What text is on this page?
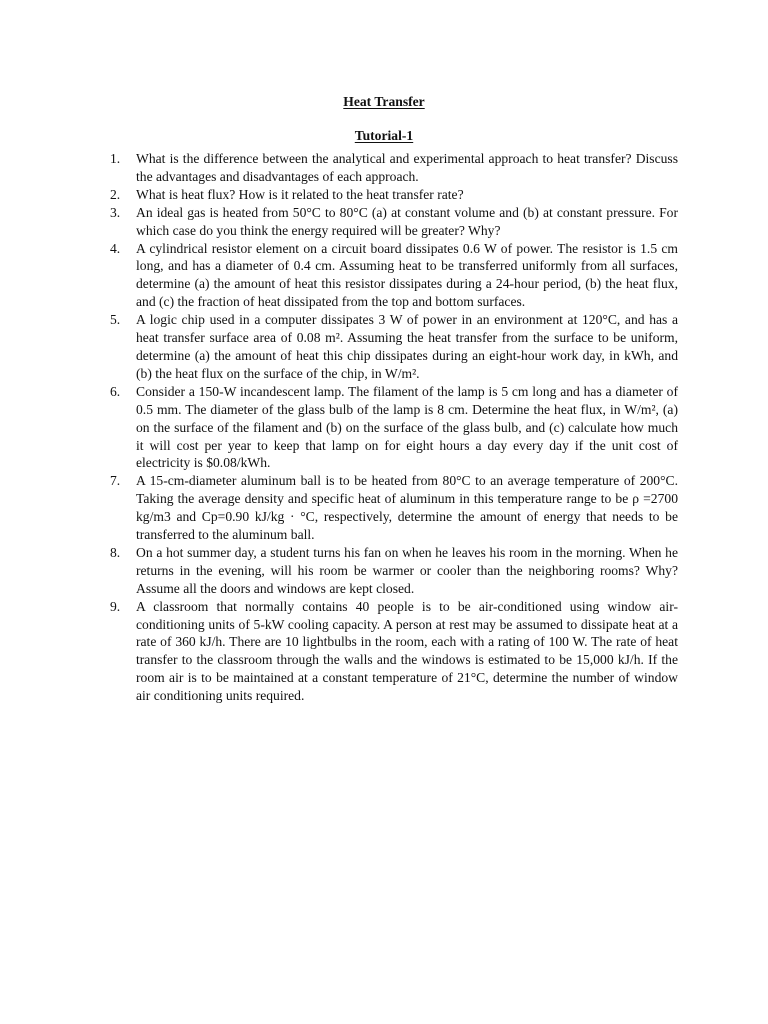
Heat Transfer
Tutorial-1
1.	What is the difference between the analytical and experimental approach to heat transfer? Discuss the advantages and disadvantages of each approach.
2.	What is heat flux? How is it related to the heat transfer rate?
3.	An ideal gas is heated from 50°C to 80°C (a) at constant volume and (b) at constant pressure. For which case do you think the energy required will be greater? Why?
4.	A cylindrical resistor element on a circuit board dissipates 0.6 W of power. The resistor is 1.5 cm long, and has a diameter of 0.4 cm. Assuming heat to be transferred uniformly from all surfaces, determine (a) the amount of heat this resistor dissipates during a 24-hour period, (b) the heat flux, and (c) the fraction of heat dissipated from the top and bottom surfaces.
5.	A logic chip used in a computer dissipates 3 W of power in an environment at 120°C, and has a heat transfer surface area of 0.08 m². Assuming the heat transfer from the surface to be uniform, determine (a) the amount of heat this chip dissipates during an eight-hour work day, in kWh, and (b) the heat flux on the surface of the chip, in W/m².
6.	Consider a 150-W incandescent lamp. The filament of the lamp is 5 cm long and has a diameter of 0.5 mm. The diameter of the glass bulb of the lamp is 8 cm. Determine the heat flux, in W/m², (a) on the surface of the filament and (b) on the surface of the glass bulb, and (c) calculate how much it will cost per year to keep that lamp on for eight hours a day every day if the unit cost of electricity is $0.08/kWh.
7.	A 15-cm-diameter aluminum ball is to be heated from 80°C to an average temperature of 200°C. Taking the average density and specific heat of aluminum in this temperature range to be ρ =2700 kg/m3 and Cp=0.90 kJ/kg · °C, respectively, determine the amount of energy that needs to be transferred to the aluminum ball.
8.	On a hot summer day, a student turns his fan on when he leaves his room in the morning. When he returns in the evening, will his room be warmer or cooler than the neighboring rooms? Why? Assume all the doors and windows are kept closed.
9.	A classroom that normally contains 40 people is to be air-conditioned using window air-conditioning units of 5-kW cooling capacity. A person at rest may be assumed to dissipate heat at a rate of 360 kJ/h. There are 10 lightbulbs in the room, each with a rating of 100 W. The rate of heat transfer to the classroom through the walls and the windows is estimated to be 15,000 kJ/h. If the room air is to be maintained at a constant temperature of 21°C, determine the number of window air conditioning units required.
